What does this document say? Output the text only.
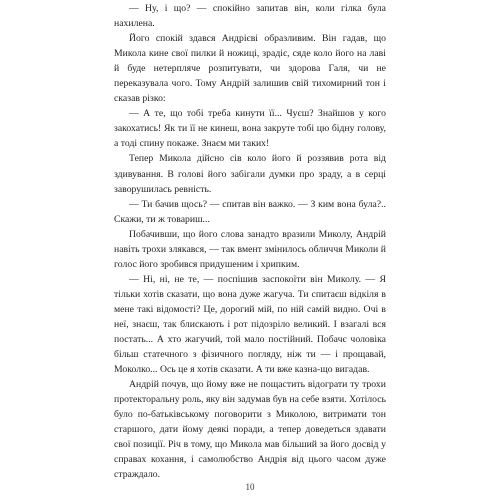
— Ну, і що? — спокійно запитав він, коли гілка була нахилена.

Його спокій здався Андрієві образливим. Він гадав, що Микола кине свої пилки й ножиці, зрадіє, сяде коло його на лаві й буде нетерпляче розпитувати, чи здорова Галя, чи не переказувала чого. Тому Андрій залишив свій тихомирний тон і сказав різко:

— А те, що тобі треба кинути її... Чуєш? Знайшов у кого закохатись! Як ти її не кинеш, вона закруте тобі цю бідну голову, а тоді спину покаже. Знаєм ми таких!

Тепер Микола дійсно сів коло його й роззявив рота від здивування. В голові його забігали думки про зраду, а в серці заворушилась ревність.

— Ти бачив щось? — спитав він важко. — З ким вона була?.. Скажи, ти ж товариш...

Побачивши, що його слова занадто вразили Миколу, Андрій навіть трохи злякався, — так вмент змінилось обличчя Миколи й голос його зробився придушеним і хрипким.

— Ні, ні, не те, — поспішив заспокоїти він Миколу. — Я тільки хотів сказати, що вона дуже жагуча. Ти спитаєш відкіля в мене такі відомості? Це, дорогий мій, по ній самій видно. Очі в неї, знаєш, так блискають і рот підозріло великий. І взагалі вся постать... А хто жагучий, той мало постійний. Побачє чоловіка більш статечного з фізичного погляду, ніж ти — і прощавай, Моколко... Ось це я хотів сказати. А ти вже казна-що вигадав.

Андрій почув, що йому вже не пощастить відограти ту трохи протекторальну роль, яку він задумав був на себе взяти. Хотілось було по-батьківському поговорити з Миколою, витримати тон старшого, дати йому деякі поради, а тепер доведеться здавати свої позиції. Річ в тому, що Микола мав більший за його досвід у справах кохання, і самолюбство Андрія від цього часом дуже страждало.

10
